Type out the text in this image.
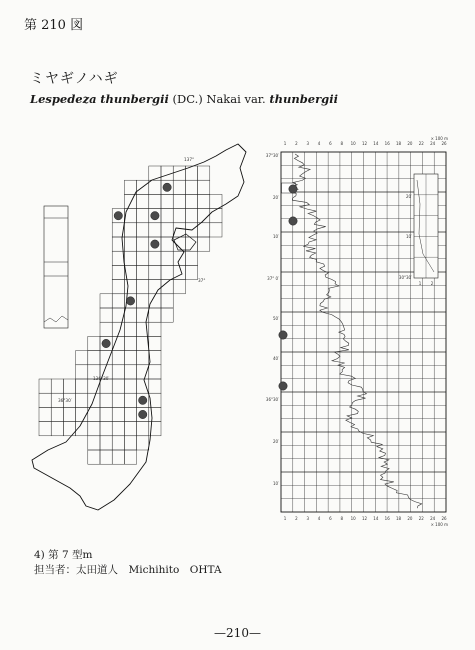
第 210 図
ミヤギノハギ
Lespedeza thunbergii (DC.) Nakai var. thunbergii
137°
37°
136°30′
36°30′
1
1
2
2
3
3
4
4
6
6
8
8
10
10
12
12
14
14
16
16
18
18
20
20
22
22
24
24
26
26
× 100 m
× 100 m
37°30′
20′
10′
37° 0′
50′
40′
36°30′
20′
10′
20′
10′
30°30′
1 2
4) 第 7 型m
担当者：太田道人　Michihito　OHTA
—210—
